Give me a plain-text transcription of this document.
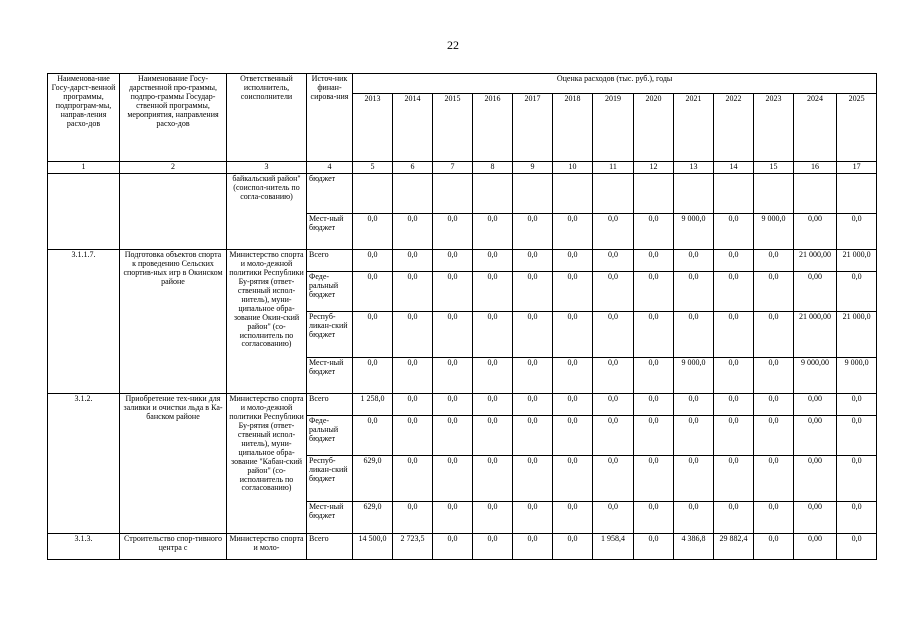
22
Наименова-ние Госу-дарст-венной программы, подпрограм-мы, направ-ления расхо-дов	Наименование Госу-дарственной про-граммы, подпро-граммы Государ-ственной программы, мероприятия, направления расхо-дов	Ответственный исполнитель, соисполнители	Источ-ник финан-сирова-ния	Оценка расходов (тыс. руб.), годы												
				2013	2014	2015	2016	2017	2018	2019	2020	2021	2022	2023	2024	2025
1	2	3	4	5	6	7	8	9	10	11	12	13	14	15	16	17
		байкальский район" (соиспол-нитель по согла-сованию)	бюджет													
			Мест-ный бюджет	0,0	0,0	0,0	0,0	0,0	0,0	0,0	0,0	9 000,0	0,0	9 000,0	0,00	0,0
3.1.1.7.	Подготовка объектов спорта к проведению Сельских спортив-ных игр в Окинском районе	Министерство спорта и моло-дежной политики Республики Бу-рятия (ответ-ственный испол-нитель), муни-ципальное обра-зование Окин-ский район" (со-исполнитель по согласованию)	Всего	0,0	0,0	0,0	0,0	0,0	0,0	0,0	0,0	0,0	0,0	0,0	21 000,00	21 000,0
			Феде-ральный бюджет	0,0	0,0	0,0	0,0	0,0	0,0	0,0	0,0	0,0	0,0	0,0	0,00	0,0
			Респуб-ликан-ский бюджет	0,0	0,0	0,0	0,0	0,0	0,0	0,0	0,0	0,0	0,0	0,0	21 000,00	21 000,0
			Мест-ный бюджет	0,0	0,0	0,0	0,0	0,0	0,0	0,0	0,0	9 000,0	0,0	0,0	9 000,00	9 000,0
3.1.2.	Приобретение тех-ники для заливки и очистки льда в Ка-банском районе	Министерство спорта и моло-дежной политики Республики Бу-рятия (ответ-ственный испол-нитель), муни-ципальное обра-зование "Кабан-ский район" (со-исполнитель по согласованию)	Всего	1 258,0	0,0	0,0	0,0	0,0	0,0	0,0	0,0	0,0	0,0	0,0	0,00	0,0
			Феде-ральный бюджет	0,0	0,0	0,0	0,0	0,0	0,0	0,0	0,0	0,0	0,0	0,0	0,00	0,0
			Респуб-ликан-ский бюджет	629,0	0,0	0,0	0,0	0,0	0,0	0,0	0,0	0,0	0,0	0,0	0,00	0,0
			Мест-ный бюджет	629,0	0,0	0,0	0,0	0,0	0,0	0,0	0,0	0,0	0,0	0,0	0,00	0,0
3.1.3.	Строительство спор-тивного центра с	Министерство спорта и моло-	Всего	14 500,0	2 723,5	0,0	0,0	0,0	0,0	1 958,4	0,0	4 386,8	29 882,4	0,0	0,00	0,0
